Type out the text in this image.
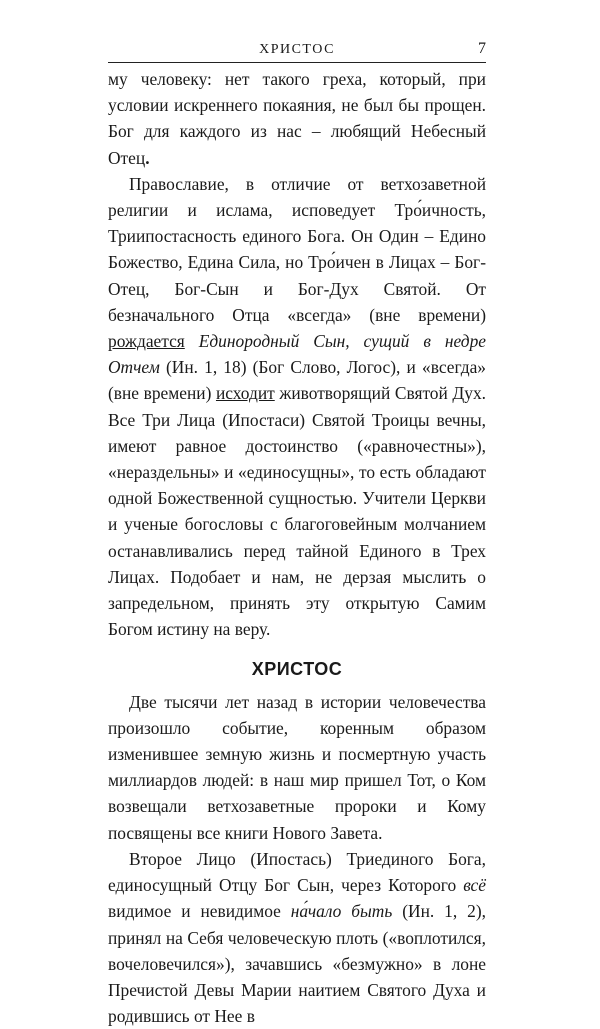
ХРИСТОС	7

му человеку: нет такого греха, который, при условии искреннего покаяния, не был бы прощен. Бог для каждого из нас – любящий Небесный Отец.

Православие, в отличие от ветхозаветной религии и ислама, исповедует Тро́ичность, Триипостасность единого Бога. Он Один – Едино Божество, Едина Сила, но Тро́ичен в Лицах – Бог-Отец, Бог-Сын и Бог-Дух Святой. От безначального Отца «всегда» (вне времени) рождается Единородный Сын, сущий в недре Отчем (Ин. 1, 18) (Бог Слово, Логос), и «всегда» (вне времени) исходит животворящий Святой Дух. Все Три Лица (Ипостаси) Святой Троицы вечны, имеют равное достоинство («равночестны»), «нераздельны» и «единосущны», то есть обладают одной Божественной сущностью. Учители Церкви и ученые богословы с благоговейным молчанием останавливались перед тайной Единого в Трех Лицах. Подобает и нам, не дерзая мыслить о запредельном, принять эту открытую Самим Богом истину на веру.

ХРИСТОС

Две тысячи лет назад в истории человечества произошло событие, коренным образом изменившее земную жизнь и посмертную участь миллиардов людей: в наш мир пришел Тот, о Ком возвещали ветхозаветные пророки и Кому посвящены все книги Нового Завета.

Второе Лицо (Ипостась) Триединого Бога, единосущный Отцу Бог Сын, через Которого всё видимое и невидимое на́чало быть (Ин. 1, 2), принял на Себя человеческую плоть («воплотился, вочеловечился»), зачавшись «безмужно» в лоне Пречистой Девы Марии наитием Святого Духа и родившись от Нее в
